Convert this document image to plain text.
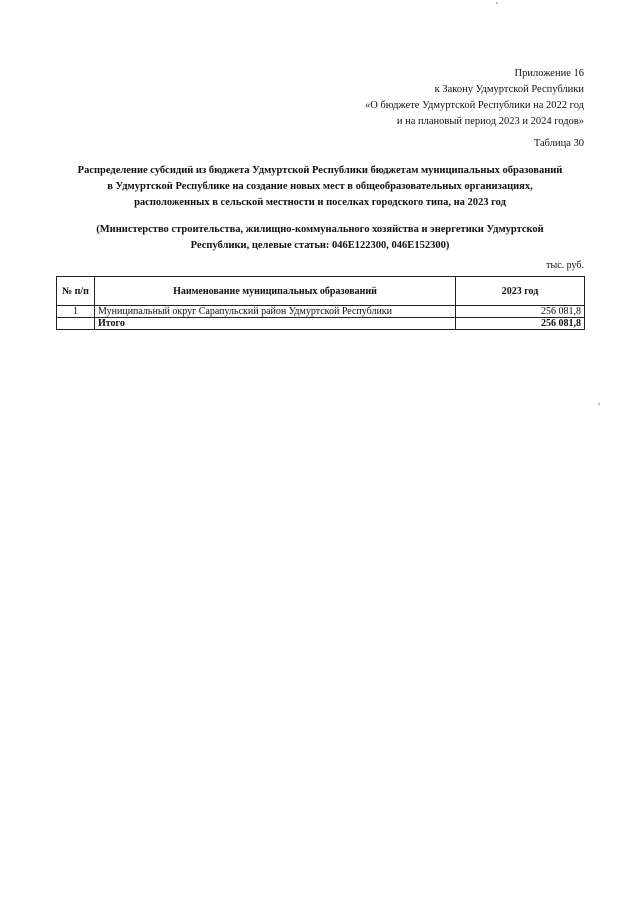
Приложение 16
к Закону Удмуртской Республики
«О бюджете Удмуртской Республики на 2022 год
и на плановый период 2023 и 2024 годов»
Таблица 30
Распределение субсидий из бюджета Удмуртской Республики бюджетам муниципальных образований
в Удмуртской Республике на создание новых мест в общеобразовательных организациях,
расположенных в сельской местности и поселках городского типа, на 2023 год
(Министерство строительства, жилищно-коммунального хозяйства и энергетики Удмуртской
Республики, целевые статьи: 046E122300, 046E152300)
тыс. руб.
№ п/п	Наименование муниципальных образований	2023 год
1	Муниципальный округ Сарапульский район Удмуртской Республики	256 081,8
	Итого	256 081,8
